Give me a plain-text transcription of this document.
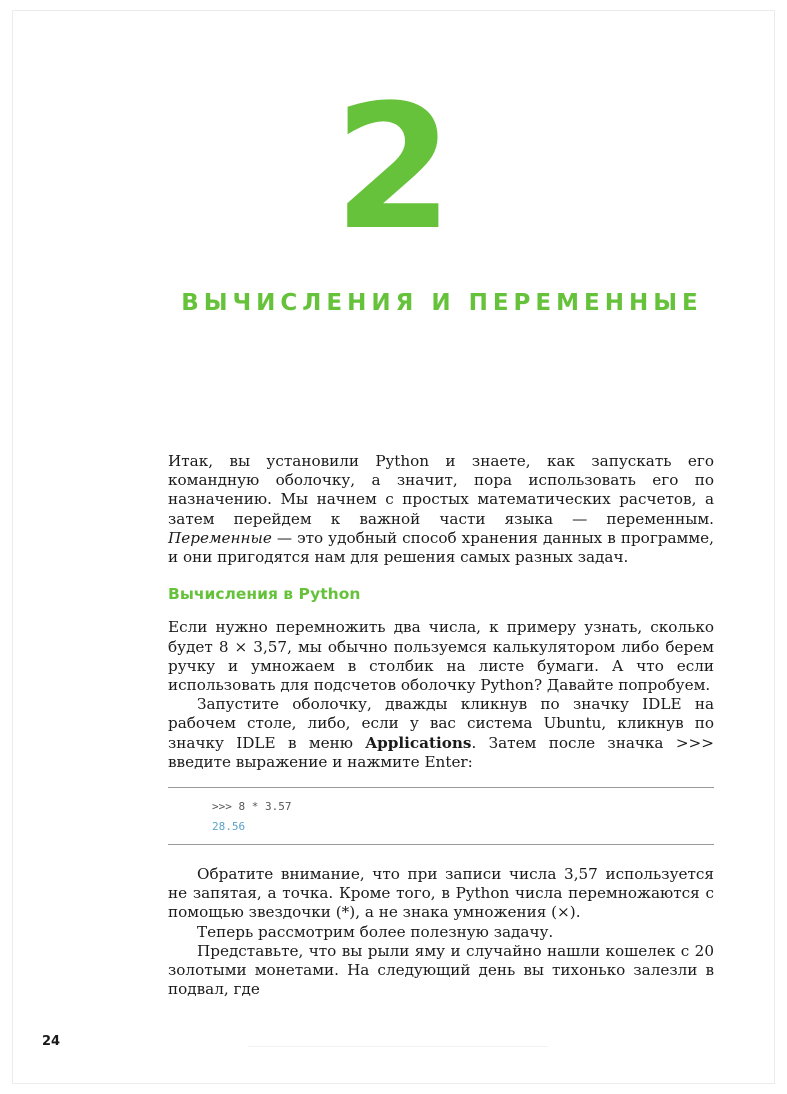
2
ВЫЧИСЛЕНИЯ И ПЕРЕМЕННЫЕ

Итак, вы установили Python и знаете, как запускать его командную оболочку, а значит, пора использовать его по назначению. Мы начнем с простых математических расчетов, а затем перейдем к важной части языка — переменным. Переменные — это удобный способ хранения данных в программе, и они пригодятся нам для решения самых разных задач.

Вычисления в Python

Если нужно перемножить два числа, к примеру узнать, сколько будет 8 × 3,57, мы обычно пользуемся калькулятором либо берем ручку и умножаем в столбик на листе бумаги. А что если использовать для подсчетов оболочку Python? Давайте попробуем.

Запустите оболочку, дважды кликнув по значку IDLE на рабочем столе, либо, если у вас система Ubuntu, кликнув по значку IDLE в меню Applications. Затем после значка >>> введите выражение и нажмите Enter:

>>> 8 * 3.57
28.56

Обратите внимание, что при записи числа 3,57 используется не запятая, а точка. Кроме того, в Python числа перемножаются с помощью звездочки (*), а не знака умножения (×).

Теперь рассмотрим более полезную задачу.

Представьте, что вы рыли яму и случайно нашли кошелек с 20 золотыми монетами. На следующий день вы тихонько залезли в подвал, где

24
